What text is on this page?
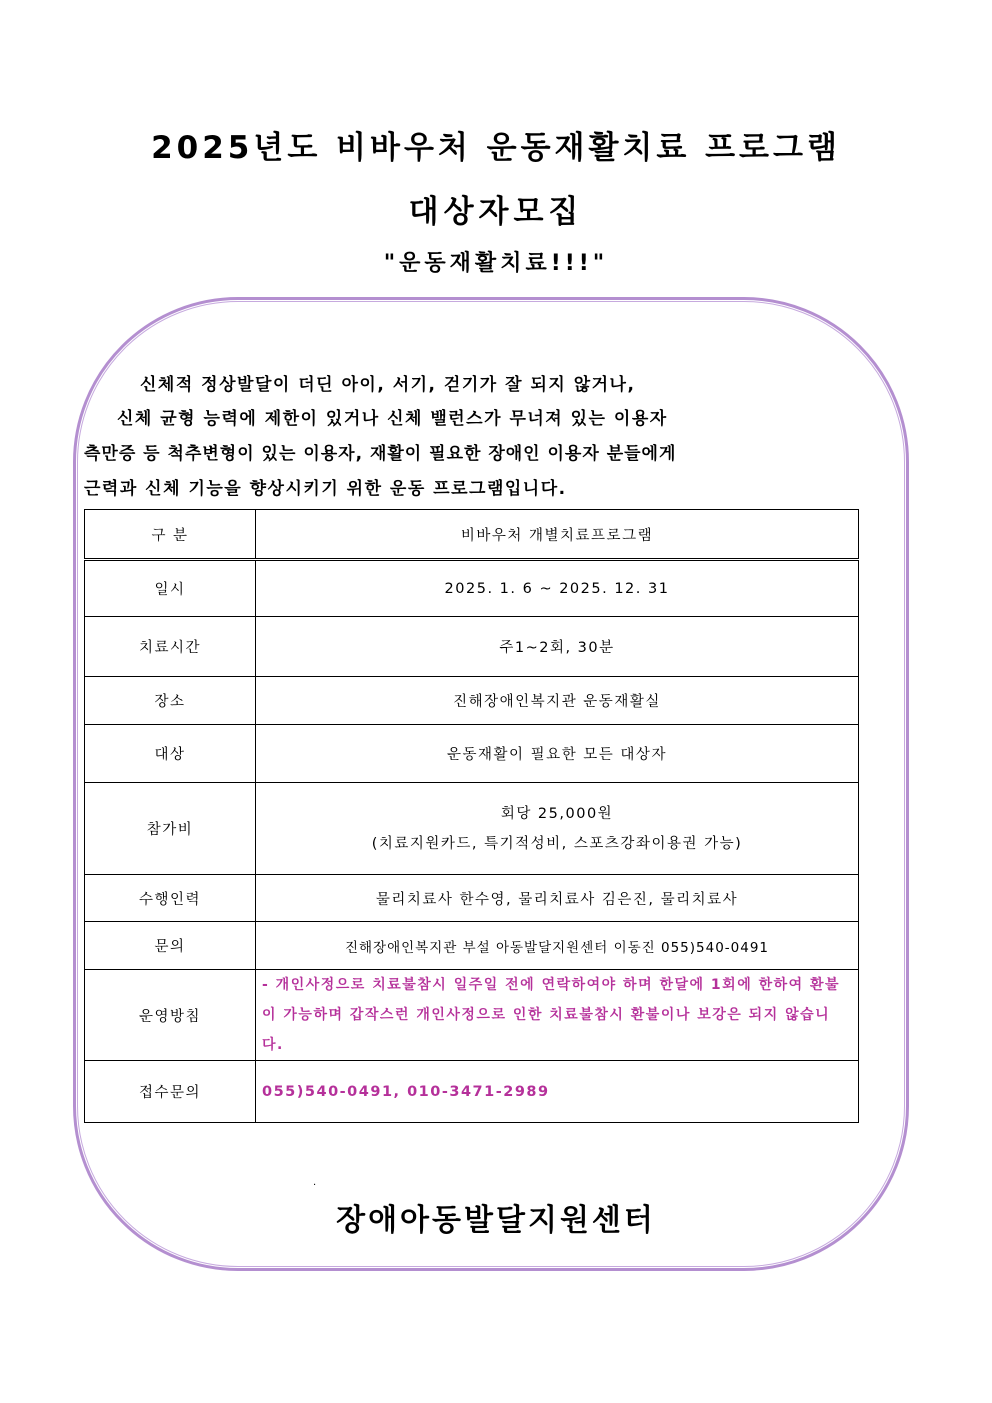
2025년도 비바우처 운동재활치료 프로그램
대상자모집
"운동재활치료!!!"
신체적 정상발달이 더딘 아이, 서기, 걷기가 잘 되지 않거나,
신체 균형 능력에 제한이 있거나 신체 밸런스가 무너져 있는 이용자
측만증 등 척추변형이 있는 이용자, 재활이 필요한 장애인 이용자 분들에게
근력과 신체 기능을 향상시키기 위한 운동 프로그램입니다.
구 분	비바우처 개별치료프로그램
일시	2025. 1. 6 ~ 2025. 12. 31
치료시간	주1~2회, 30분
장소	진해장애인복지관 운동재활실
대상	운동재활이 필요한 모든 대상자
참가비	회당 25,000원
(치료지원카드, 특기적성비, 스포츠강좌이용권 가능)

수행인력	물리치료사 한수영, 물리치료사 김은진, 물리치료사
문의	진해장애인복지관 부설 아동발달지원센터 이동진 055)540-0491
운영방침	- 개인사정으로 치료불참시 일주일 전에 연락하여야 하며 한달에 1회에 한하여 환불이 가능하며 갑작스런 개인사정으로 인한 치료불참시 환불이나 보강은 되지 않습니다.
접수문의	055)540-0491, 010-3471-2989
.
장애아동발달지원센터
